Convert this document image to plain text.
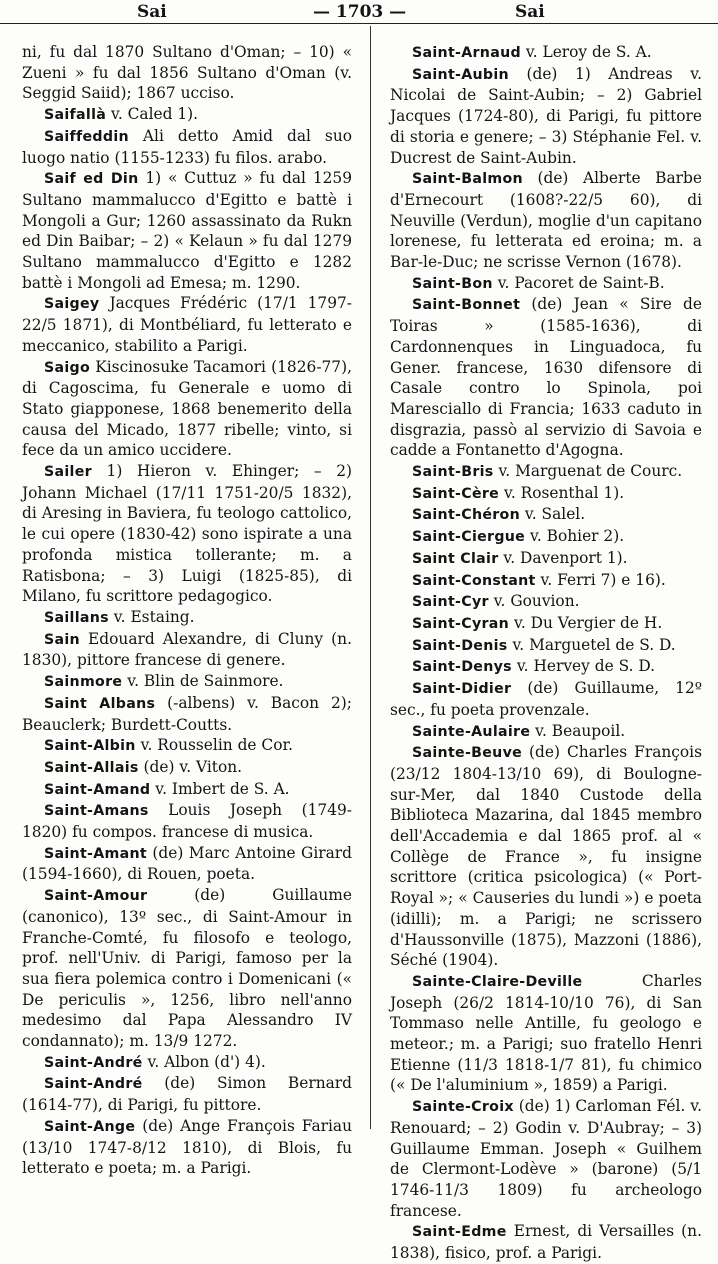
Sai	— 1703 —	Sai

ni, fu dal 1870 Sultano d'Oman; – 10) « Zueni » fu dal 1856 Sultano d'Oman (v. Seggid Saiid); 1867 ucciso.

Saifallà v. Caled 1).

Saiffeddin Ali detto Amid dal suo luogo natio (1155-1233) fu filos. arabo.

Saif ed Din 1) « Cuttuz » fu dal 1259 Sultano mammalucco d'Egitto e battè i Mongoli a Gur; 1260 assassinato da Rukn ed Din Baibar; – 2) « Kelaun » fu dal 1279 Sultano mammalucco d'Egitto e 1282 battè i Mongoli ad Emesa; m. 1290.

Saigey Jacques Frédéric (17/1 1797-22/5 1871), di Montbéliard, fu letterato e meccanico, stabilito a Parigi.

Saigo Kiscinosuke Tacamori (1826-77), di Cagoscima, fu Generale e uomo di Stato giapponese, 1868 benemerito della causa del Micado, 1877 ribelle; vinto, si fece da un amico uccidere.

Sailer 1) Hieron v. Ehinger; – 2) Johann Michael (17/11 1751-20/5 1832), di Aresing in Baviera, fu teologo cattolico, le cui opere (1830-42) sono ispirate a una profonda mistica tollerante; m. a Ratisbona; – 3) Luigi (1825-85), di Milano, fu scrittore pedagogico.

Saillans v. Estaing.

Sain Edouard Alexandre, di Cluny (n. 1830), pittore francese di genere.

Sainmore v. Blin de Sainmore.

Saint Albans (-albens) v. Bacon 2); Beauclerk; Burdett-Coutts.

Saint-Albin v. Rousselin de Cor.

Saint-Allais (de) v. Viton.

Saint-Amand v. Imbert de S. A.

Saint-Amans Louis Joseph (1749-1820) fu compos. francese di musica.

Saint-Amant (de) Marc Antoine Girard (1594-1660), di Rouen, poeta.

Saint-Amour (de) Guillaume (canonico), 13º sec., di Saint-Amour in Franche-Comté, fu filosofo e teologo, prof. nell'Univ. di Parigi, famoso per la sua fiera polemica contro i Domenicani (« De periculis », 1256, libro nell'anno medesimo dal Papa Alessandro IV condannato); m. 13/9 1272.

Saint-André v. Albon (d') 4).

Saint-André (de) Simon Bernard (1614-77), di Parigi, fu pittore.

Saint-Ange (de) Ange François Fariau (13/10 1747-8/12 1810), di Blois, fu letterato e poeta; m. a Parigi.

Saint-Arnaud v. Leroy de S. A.

Saint-Aubin (de) 1) Andreas v. Nicolai de Saint-Aubin; – 2) Gabriel Jacques (1724-80), di Parigi, fu pittore di storia e genere; – 3) Stéphanie Fel. v. Ducrest de Saint-Aubin.

Saint-Balmon (de) Alberte Barbe d'Ernecourt (1608?-22/5 60), di Neuville (Verdun), moglie d'un capitano lorenese, fu letterata ed eroina; m. a Bar-le-Duc; ne scrisse Vernon (1678).

Saint-Bon v. Pacoret de Saint-B.

Saint-Bonnet (de) Jean « Sire de Toiras » (1585-1636), di Cardonnenques in Linguadoca, fu Gener. francese, 1630 difensore di Casale contro lo Spinola, poi Maresciallo di Francia; 1633 caduto in disgrazia, passò al servizio di Savoia e cadde a Fontanetto d'Agogna.

Saint-Bris v. Marguenat de Courc.

Saint-Cère v. Rosenthal 1).

Saint-Chéron v. Salel.

Saint-Ciergue v. Bohier 2).

Saint Clair v. Davenport 1).

Saint-Constant v. Ferri 7) e 16).

Saint-Cyr v. Gouvion.

Saint-Cyran v. Du Vergier de H.

Saint-Denis v. Marguetel de S. D.

Saint-Denys v. Hervey de S. D.

Saint-Didier (de) Guillaume, 12º sec., fu poeta provenzale.

Sainte-Aulaire v. Beaupoil.

Sainte-Beuve (de) Charles François (23/12 1804-13/10 69), di Boulogne-sur-Mer, dal 1840 Custode della Biblioteca Mazarina, dal 1845 membro dell'Accademia e dal 1865 prof. al « Collège de France », fu insigne scrittore (critica psicologica) (« Port-Royal »; « Causeries du lundi ») e poeta (idilli); m. a Parigi; ne scrissero d'Haussonville (1875), Mazzoni (1886), Séché (1904).

Sainte-Claire-Deville Charles Joseph (26/2 1814-10/10 76), di San Tommaso nelle Antille, fu geologo e meteor.; m. a Parigi; suo fratello Henri Etienne (11/3 1818-1/7 81), fu chimico (« De l'aluminium », 1859) a Parigi.

Sainte-Croix (de) 1) Carloman Fél. v. Renouard; – 2) Godin v. D'Aubray; – 3) Guillaume Emman. Joseph « Guilhem de Clermont-Lodève » (barone) (5/1 1746-11/3 1809) fu archeologo francese.

Saint-Edme Ernest, di Versailles (n. 1838), fisico, prof. a Parigi.
